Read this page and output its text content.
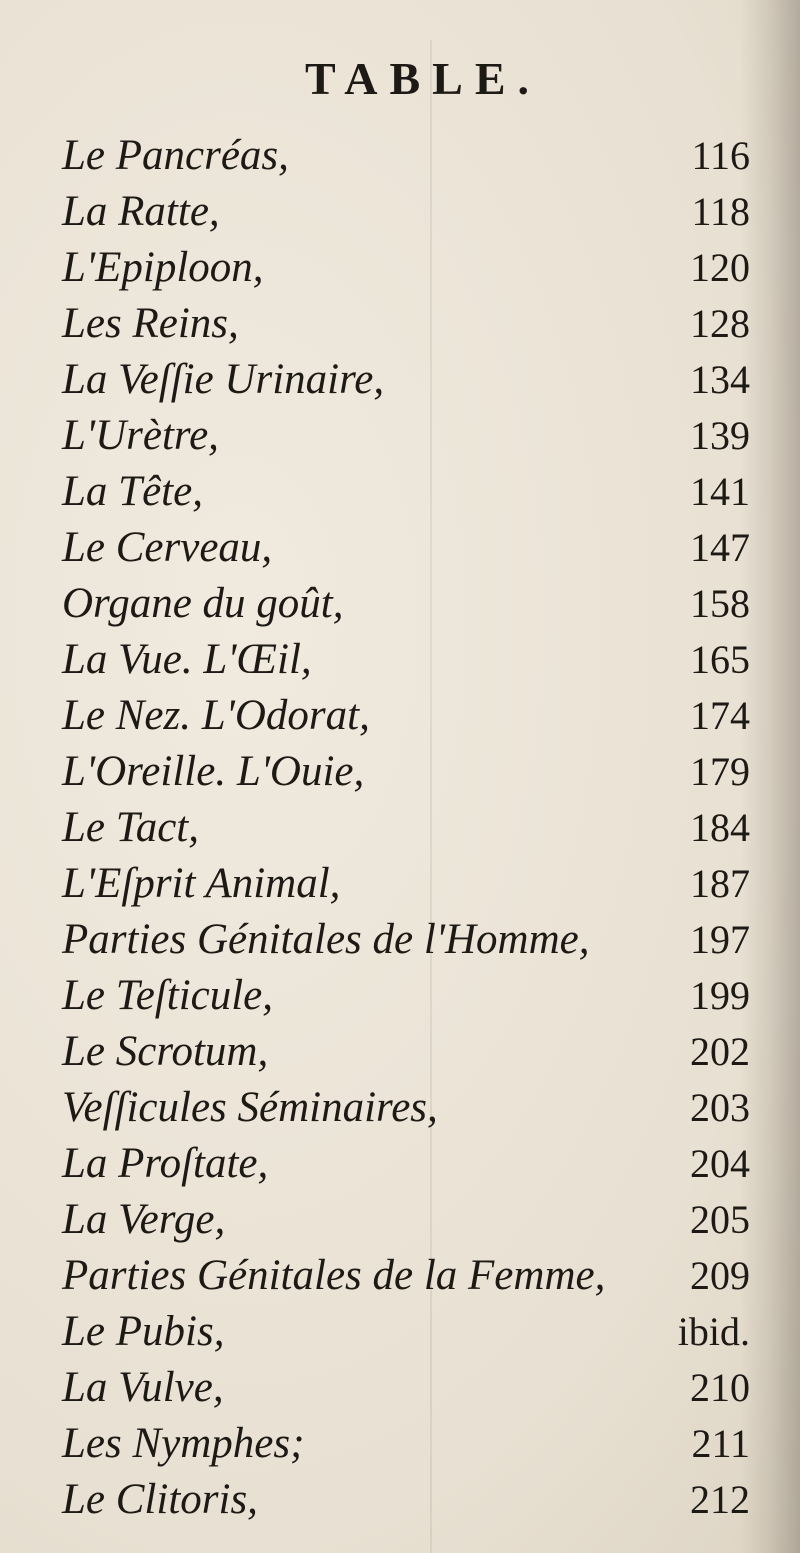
TABLE.
Le Pancréas,	116
La Ratte,	118
L'Epiploon,	120
Les Reins,	128
La Veſſie Urinaire,	134
L'Urètre,	139
La Tête,	141
Le Cerveau,	147
Organe du goût,	158
La Vue. L'Œil,	165
Le Nez. L'Odorat,	174
L'Oreille. L'Ouie,	179
Le Tact,	184
L'Eſprit Animal,	187
Parties Génitales de l'Homme,	197
Le Teſticule,	199
Le Scrotum,	202
Veſſicules Séminaires,	203
La Proſtate,	204
La Verge,	205
Parties Génitales de la Femme, 209
Le Pubis,	ibid.
La Vulve,	210
Les Nymphes;	211
Le Clitoris,	212
